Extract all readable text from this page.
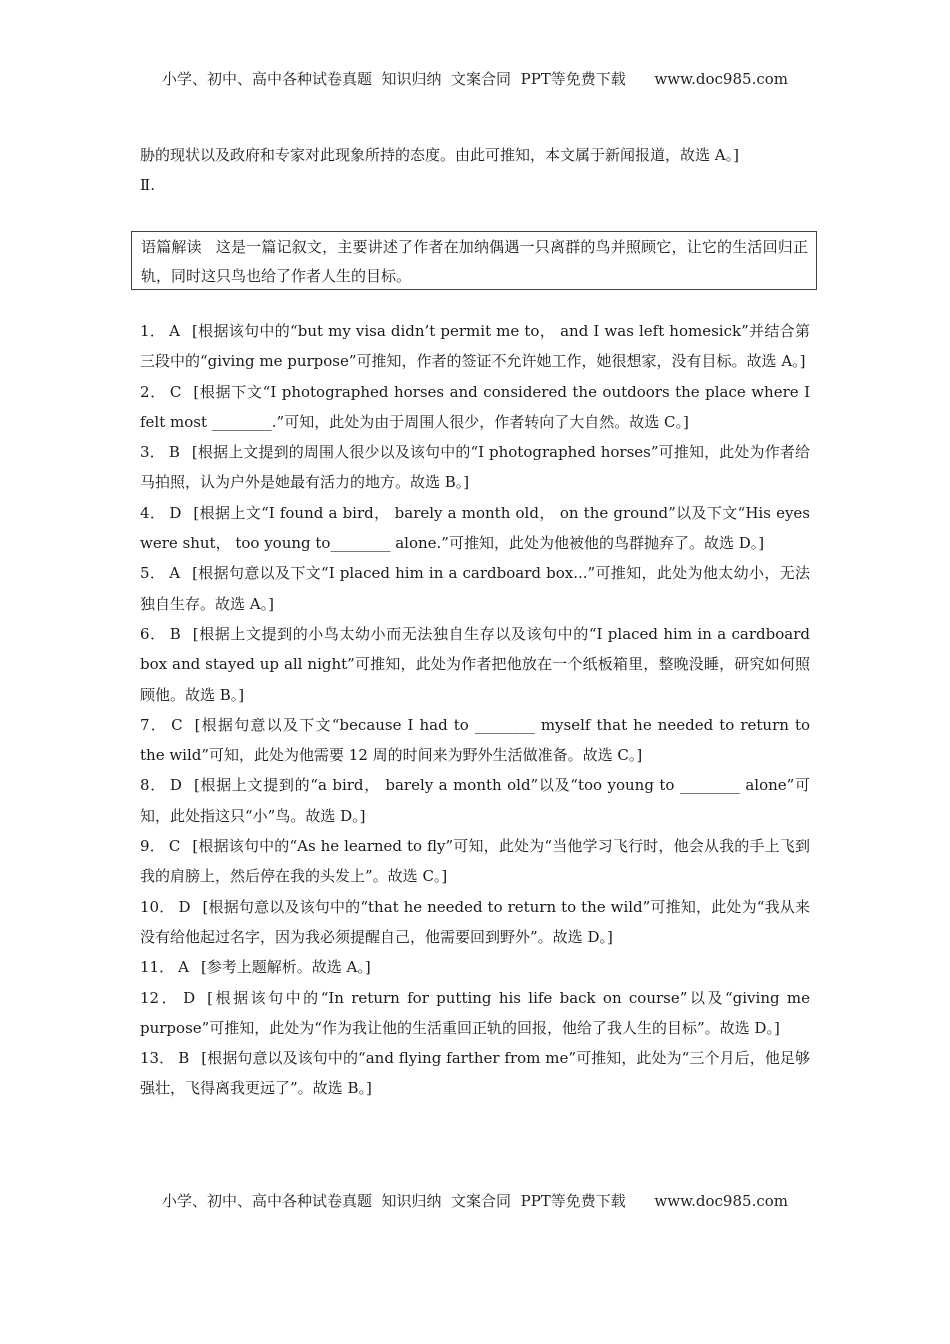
小学、初中、高中各种试卷真题  知识归纳  文案合同  PPT等免费下载      www.doc985.com

胁的现状以及政府和专家对此现象所持的态度。由此可推知，本文属于新闻报道，故选 A。]

Ⅱ.

语篇解读 这是一篇记叙文，主要讲述了作者在加纳偶遇一只离群的鸟并照顾它，让它的生活回归正轨，同时这只鸟也给了作者人生的目标。

1． A [根据该句中的“but my visa didn’t permit me to， and I was left homesick”并结合第三段中的“giving me purpose”可推知，作者的签证不允许她工作，她很想家，没有目标。故选 A。]

2． C [根据下文“I photographed horses and considered the outdoors the place where I felt most ________.”可知，此处为由于周围人很少，作者转向了大自然。故选 C。]

3． B [根据上文提到的周围人很少以及该句中的“I photographed horses”可推知，此处为作者给马拍照，认为户外是她最有活力的地方。故选 B。]

4． D [根据上文“I found a bird， barely a month old， on the ground”以及下文“His eyes were shut， too young to________ alone.”可推知，此处为他被他的鸟群抛弃了。故选 D。]

5． A [根据句意以及下文“I placed him in a cardboard box...”可推知，此处为他太幼小，无法独自生存。故选 A。]

6． B [根据上文提到的小鸟太幼小而无法独自生存以及该句中的“I placed him in a cardboard box and stayed up all night”可推知，此处为作者把他放在一个纸板箱里，整晚没睡，研究如何照顾他。故选 B。]

7． C [根据句意以及下文“because I had to ________ myself that he needed to return to the wild”可知，此处为他需要 12 周的时间来为野外生活做准备。故选 C。]

8． D [根据上文提到的“a bird， barely a month old”以及“too young to ________ alone”可知，此处指这只“小”鸟。故选 D。]

9． C [根据该句中的“As he learned to fly”可知，此处为“当他学习飞行时，他会从我的手上飞到我的肩膀上，然后停在我的头发上”。故选 C。]

10． D [根据句意以及该句中的“that he needed to return to the wild”可推知，此处为“我从来没有给他起过名字，因为我必须提醒自己，他需要回到野外”。故选 D。]

11． A [参考上题解析。故选 A。]

12． D [根据该句中的“In return for putting his life back on course”以及“giving me purpose”可推知，此处为“作为我让他的生活重回正轨的回报，他给了我人生的目标”。故选 D。]

13． B [根据句意以及该句中的“and flying farther from me”可推知，此处为“三个月后，他足够强壮，飞得离我更远了”。故选 B。]

小学、初中、高中各种试卷真题  知识归纳  文案合同  PPT等免费下载      www.doc985.com
